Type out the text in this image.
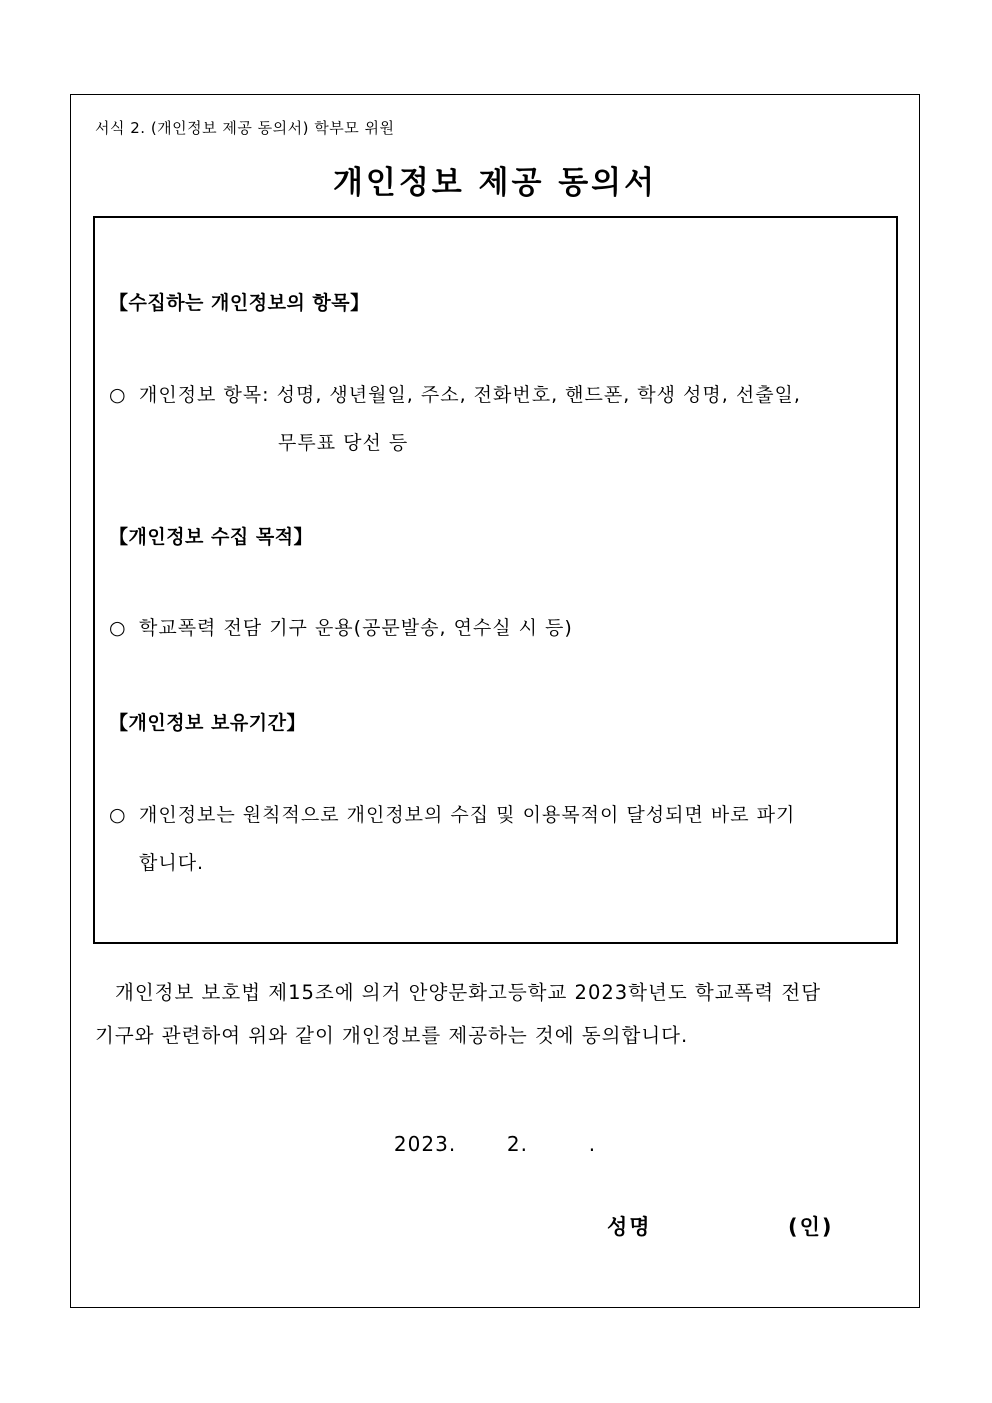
서식 2. (개인정보 제공 동의서) 학부모 위원
개인정보 제공 동의서
【수집하는 개인정보의 항목】
○ 개인정보 항목: 성명, 생년월일, 주소, 전화번호, 핸드폰, 학생 성명, 선출일,
무투표 당선 등
【개인정보 수집 목적】
○ 학교폭력 전담 기구 운용(공문발송, 연수실 시 등)
【개인정보 보유기간】
○ 개인정보는 원칙적으로 개인정보의 수집 및 이용목적이 달성되면 바로 파기
합니다.
개인정보 보호법 제15조에 의거 안양문화고등학교 2023학년도 학교폭력 전담
기구와 관련하여 위와 같이 개인정보를 제공하는 것에 동의합니다.
2023.	2.	.
성명	(인)
